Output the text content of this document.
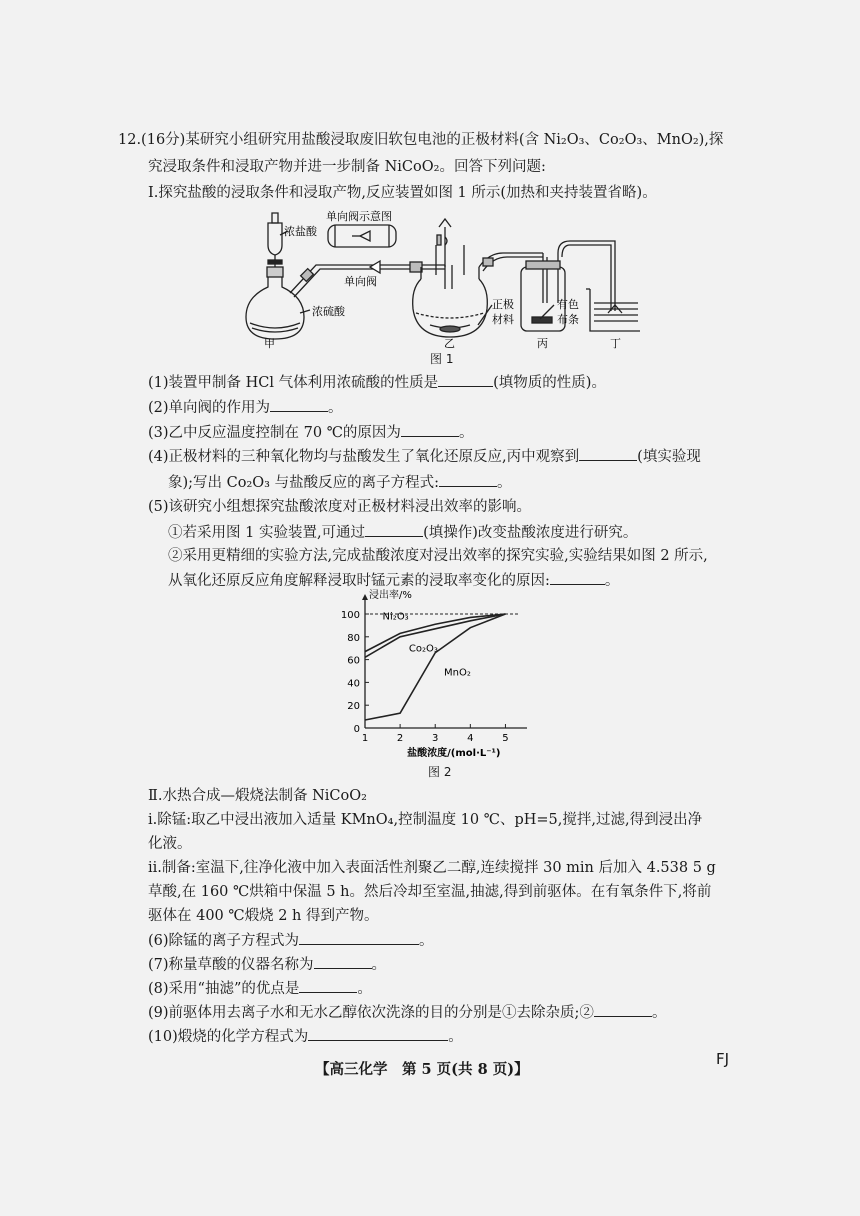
12.(16分)某研究小组研究用盐酸浸取废旧软包电池的正极材料(含 Ni₂O₃、Co₂O₃、MnO₂),探
究浸取条件和浸取产物并进一步制备 NiCoO₂。回答下列问题:
Ⅰ.探究盐酸的浸取条件和浸取产物,反应装置如图 1 所示(加热和夹持装置省略)。
浓盐酸
浓硫酸
单向阀示意图
单向阀
正极
材料
有色
布条
甲	乙	丙	丁
图 1
(1)装置甲制备 HCl 气体利用浓硫酸的性质是	(填物质的性质)。
(2)单向阀的作用为	。
(3)乙中反应温度控制在 70 ℃的原因为	。
(4)正极材料的三种氧化物均与盐酸发生了氧化还原反应,丙中观察到	(填实验现
象);写出 Co₂O₃ 与盐酸反应的离子方程式:	。
(5)该研究小组想探究盐酸浓度对正极材料浸出效率的影响。
①若采用图 1 实验装置,可通过	(填操作)改变盐酸浓度进行研究。
②采用更精细的实验方法,完成盐酸浓度对浸出效率的探究实验,实验结果如图 2 所示,
从氧化还原反应角度解释浸取时锰元素的浸取率变化的原因:	。
0
20
40
60
80
100
1	2	3	4	5
浸出率/%
盐酸浓度/(mol·L⁻¹)
Ni₂O₃
Co₂O₃
MnO₂
图 2
Ⅱ.水热合成—煅烧法制备 NiCoO₂
ⅰ.除锰:取乙中浸出液加入适量 KMnO₄,控制温度 10 ℃、pH=5,搅拌,过滤,得到浸出净
化液。
ⅱ.制备:室温下,往净化液中加入表面活性剂聚乙二醇,连续搅拌 30 min 后加入 4.538 5 g
草酸,在 160 ℃烘箱中保温 5 h。然后冷却至室温,抽滤,得到前驱体。在有氧条件下,将前
驱体在 400 ℃煅烧 2 h 得到产物。
(6)除锰的离子方程式为	。
(7)称量草酸的仪器名称为	。
(8)采用“抽滤”的优点是	。
(9)前驱体用去离子水和无水乙醇依次洗涤的目的分别是①去除杂质;②	。
(10)煅烧的化学方程式为	。
【高三化学　第 5 页(共 8 页)】
FJ
